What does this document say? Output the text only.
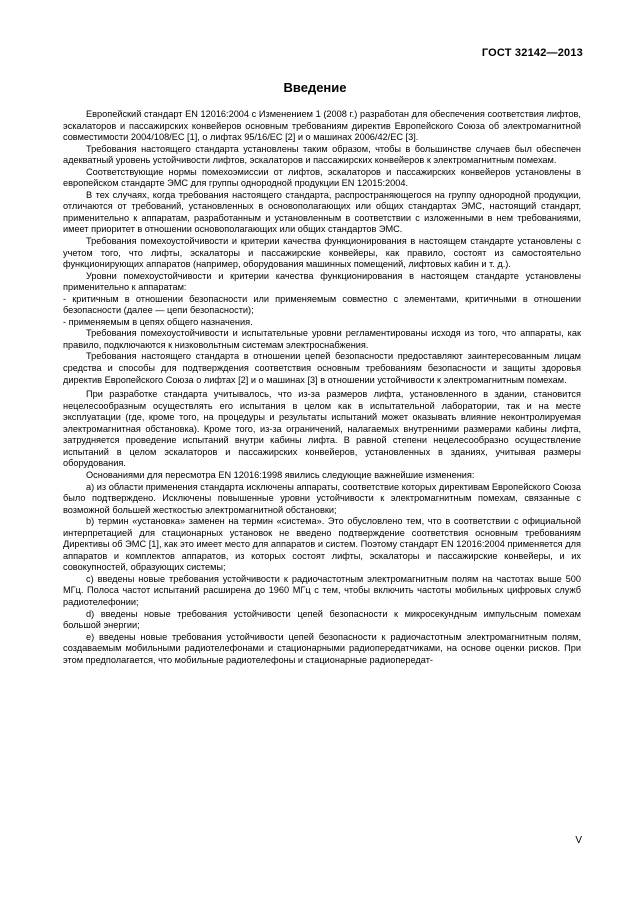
ГОСТ 32142—2013
Введение

Европейский стандарт EN 12016:2004 с Изменением 1 (2008 г.) разработан для обеспечения соответствия лифтов, эскалаторов и пассажирских конвейеров основным требованиям директив Европейского Союза об электромагнитной совместимости 2004/108/EC [1], о лифтах 95/16/EC [2] и о машинах 2006/42/EC [3].

Требования настоящего стандарта установлены таким образом, чтобы в большинстве случаев был обеспечен адекватный уровень устойчивости лифтов, эскалаторов и пассажирских конвейеров к электромагнитным помехам.

Соответствующие нормы помехоэмиссии от лифтов, эскалаторов и пассажирских конвейеров установлены в европейском стандарте ЭМС для группы однородной продукции EN 12015:2004.

В тех случаях, когда требования настоящего стандарта, распространяющегося на группу однородной продукции, отличаются от требований, установленных в основополагающих или общих стандартах ЭМС, настоящий стандарт, применительно к аппаратам, разработанным и установленным в соответствии с изложенными в нем требованиями, имеет приоритет в отношении основополагающих или общих стандартов ЭМС.

Требования помехоустойчивости и критерии качества функционирования в настоящем стандарте установлены с учетом того, что лифты, эскалаторы и пассажирские конвейеры, как правило, состоят из самостоятельно функционирующих аппаратов (например, оборудования машинных помещений, лифтовых кабин и т. д.).

Уровни помехоустойчивости и критерии качества функционирования в настоящем стандарте установлены применительно к аппаратам:

- критичным в отношении безопасности или применяемым совместно с элементами, критичными в отношении безопасности (далее — цепи безопасности);

- применяемым в цепях общего назначения.

Требования помехоустойчивости и испытательные уровни регламентированы исходя из того, что аппараты, как правило, подключаются к низковольтным системам электроснабжения.

Требования настоящего стандарта в отношении цепей безопасности предоставляют заинтересованным лицам средства и способы для подтверждения соответствия основным требованиям безопасности и защиты здоровья директив Европейского Союза о лифтах [2] и о машинах [3] в отношении устойчивости к электромагнитным помехам.

При разработке стандарта учитывалось, что из-за размеров лифта, установленного в здании, становится нецелесообразным осуществлять его испытания в целом как в испытательной лаборатории, так и на месте эксплуатации (где, кроме того, на процедуры и результаты испытаний может оказывать влияние неконтролируемая электромагнитная обстановка). Кроме того, из-за ограничений, налагаемых внутренними размерами кабины лифта, затрудняется проведение испытаний внутри кабины лифта. В равной степени нецелесообразно осуществление испытаний в целом эскалаторов и пассажирских конвейеров, установленных в зданиях, учитывая размеры оборудования.

Основаниями для пересмотра EN 12016:1998 явились следующие важнейшие изменения:

а) из области применения стандарта исключены аппараты, соответствие которых директивам Европейского Союза было подтверждено. Исключены повышенные уровни устойчивости к электромагнитным помехам, связанные с возможной большей жесткостью электромагнитной обстановки;

b) термин «установка» заменен на термин «система». Это обусловлено тем, что в соответствии с официальной интерпретацией для стационарных установок не введено подтверждение соответствия основным требованиям Директивы об ЭМС [1], как это имеет место для аппаратов и систем. Поэтому стандарт EN 12016:2004 применяется для аппаратов и комплектов аппаратов, из которых состоят лифты, эскалаторы и пассажирские конвейеры, и их совокупностей, образующих системы;

c) введены новые требования устойчивости к радиочастотным электромагнитным полям на частотах выше 500 МГц. Полоса частот испытаний расширена до 1960 МГц с тем, чтобы включить частоты мобильных цифровых служб радиотелефонии;

d) введены новые требования устойчивости цепей безопасности к микросекундным импульсным помехам большой энергии;

e) введены новые требования устойчивости цепей безопасности к радиочастотным электромагнитным полям, создаваемым мобильными радиотелефонами и стационарными радиопередатчиками, на основе оценки рисков. При этом предполагается, что мобильные радиотелефоны и стационарные радиопередат-

V
